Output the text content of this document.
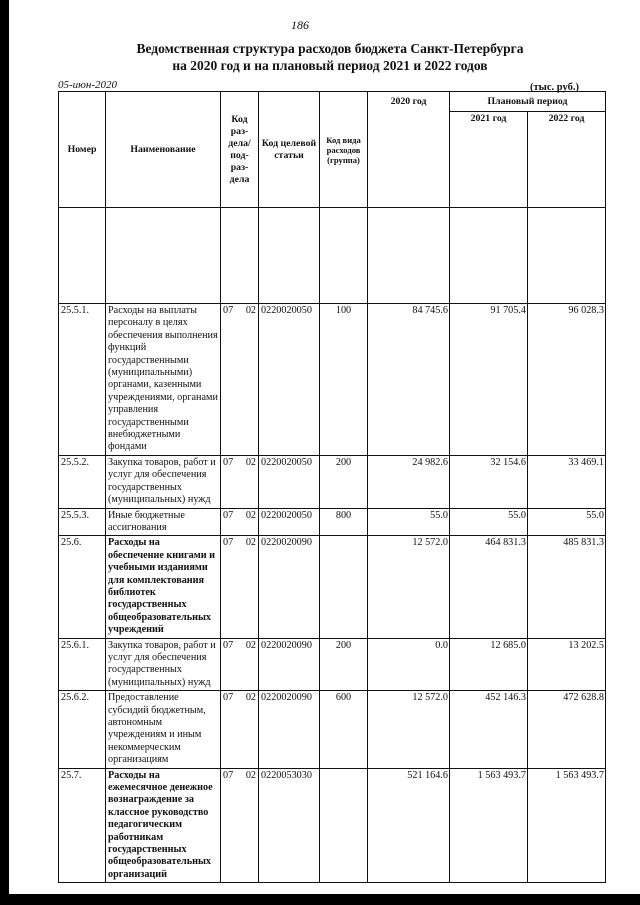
186
Ведомственная структура расходов бюджета Санкт-Петербурга
на 2020 год и на плановый период 2021 и 2022 годов
05-июн-2020	(тыс. руб.)
Номер	Наименование	Код раз-дела/ под-раз-дела	Код целевой статьи	Код вида расходов (группа)	2020 год	Плановый период	
						2021 год	2022 год

25.5.1.	Расходы на выплаты персоналу в целях обеспечения выполнения функций государственными (муниципальными) органами, казенными учреждениями, органами управления государственными внебюджетными фондами	07 02	0220020050	100	84 745.6	91 705.4	96 028.3
25.5.2.	Закупка товаров, работ и услуг для обеспечения государственных (муниципальных) нужд	07 02	0220020050	200	24 982.6	32 154.6	33 469.1
25.5.3.	Иные бюджетные ассигнования	07 02	0220020050	800	55.0	55.0	55.0
25.6.	Расходы на обеспечение книгами и учебными изданиями для комплектования библиотек государственных общеобразовательных учреждений	07 02	0220020090		12 572.0	464 831.3	485 831.3
25.6.1.	Закупка товаров, работ и услуг для обеспечения государственных (муниципальных) нужд	07 02	0220020090	200	0.0	12 685.0	13 202.5
25.6.2.	Предоставление субсидий бюджетным, автономным учреждениям и иным некоммерческим организациям	07 02	0220020090	600	12 572.0	452 146.3	472 628.8
25.7.	Расходы на ежемесячное денежное вознаграждение за классное руководство педагогическим работникам государственных общеобразовательных организаций	07 02	0220053030		521 164.6	1 563 493.7	1 563 493.7
